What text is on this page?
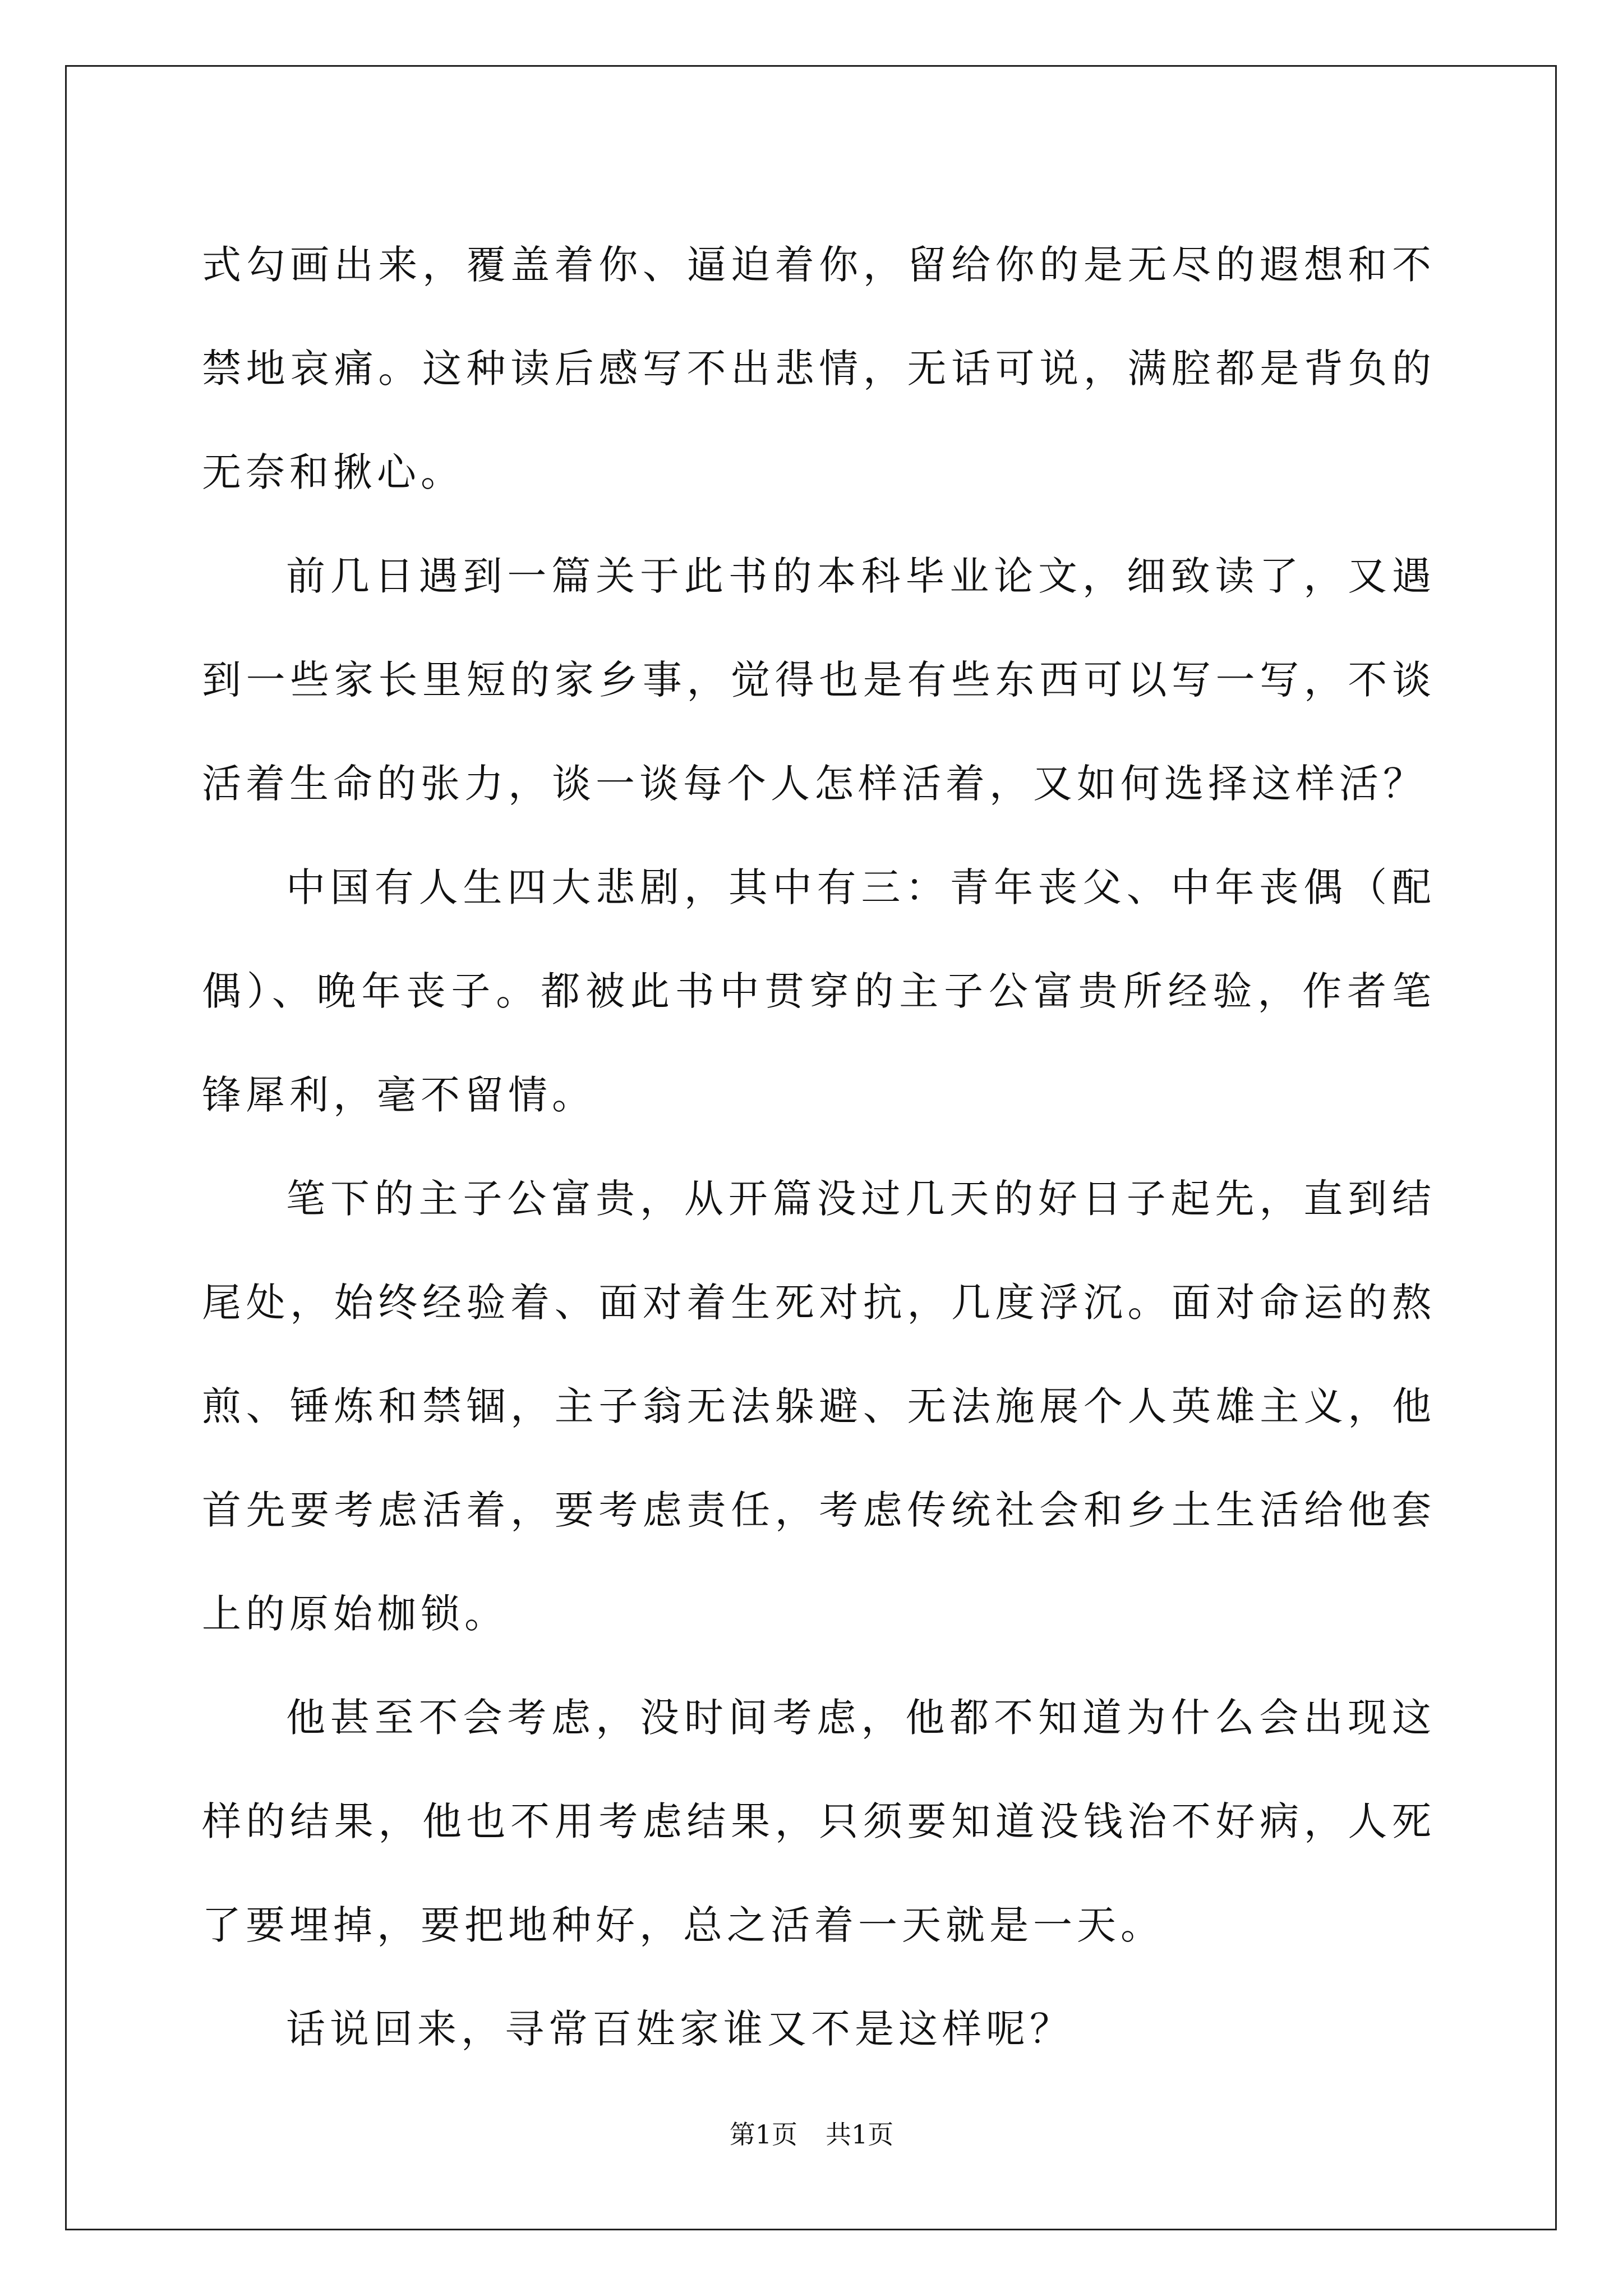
式勾画出来，覆盖着你、逼迫着你，留给你的是无尽的遐想和不禁地哀痛。这种读后感写不出悲情，无话可说，满腔都是背负的无奈和揪心。

前几日遇到一篇关于此书的本科毕业论文，细致读了，又遇到一些家长里短的家乡事，觉得也是有些东西可以写一写，不谈活着生命的张力，谈一谈每个人怎样活着，又如何选择这样活？

中国有人生四大悲剧，其中有三：青年丧父、中年丧偶（配偶）、晚年丧子。都被此书中贯穿的主子公富贵所经验，作者笔锋犀利，毫不留情。

笔下的主子公富贵，从开篇没过几天的好日子起先，直到结尾处，始终经验着、面对着生死对抗，几度浮沉。面对命运的熬煎、锤炼和禁锢，主子翁无法躲避、无法施展个人英雄主义，他首先要考虑活着，要考虑责任，考虑传统社会和乡土生活给他套上的原始枷锁。

他甚至不会考虑，没时间考虑，他都不知道为什么会出现这样的结果，他也不用考虑结果，只须要知道没钱治不好病，人死了要埋掉，要把地种好，总之活着一天就是一天。

话说回来，寻常百姓家谁又不是这样呢？

第1页 共1页
